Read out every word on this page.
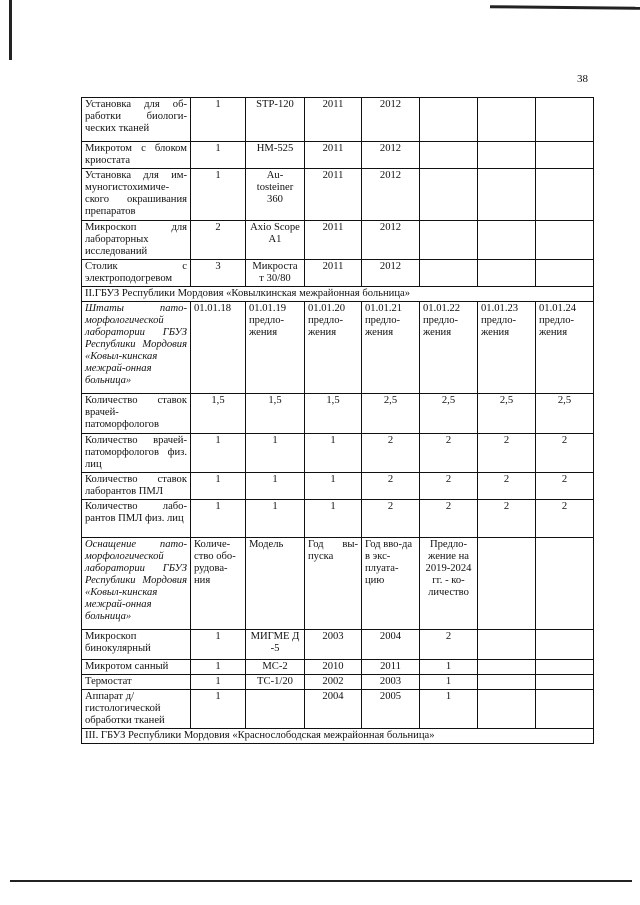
38
Установка для об-работки биологи-ческих тканей	1	STP-120	2011	2012			
Микротом с блоком криостата	1	HM-525	2011	2012			
Установка для им-муногистохимиче-ского окрашивания препаратов	1	Au-tosteiner 360	2011	2012			
Микроскоп для лабораторных исследований	2	Axio Scope A1	2011	2012			
Столик с электроподогревом	3	Микроста т 30/80	2011	2012			
II.ГБУЗ Республики Мордовия «Ковылкинская межрайонная больница»							
Штаты пато-морфологической лаборатории ГБУЗ Республики Мордовия «Ковыл-кинская межрай-онная больница»	01.01.18	01.01.19 предло-жения	01.01.20 предло-жения	01.01.21 предло-жения	01.01.22 предло-жения	01.01.23 предло-жения	01.01.24 предло-жения
Количество ставок врачей-патоморфологов	1,5	1,5	1,5	2,5	2,5	2,5	2,5
Количество врачей-патоморфологов физ. лиц	1	1	1	2	2	2	2
Количество ставок лаборантов ПМЛ	1	1	1	2	2	2	2
Количество лабо-рантов ПМЛ физ. лиц	1	1	1	2	2	2	2
Оснащение пато-морфологической лаборатории ГБУЗ Республики Мордовия «Ковыл-кинская межрай-онная больница»	Количе-ство обо-рудова-ния	Модель	Год вы-пуска	Год вво-да в экс-плуата-цию	Предло-жение на 2019-2024 гг. - ко-личество		
Микроскоп бинокулярный	1	МИГМЕ Д -5	2003	2004	2		
Микротом санный	1	МС-2	2010	2011	1		
Термостат	1	ТС-1/20	2002	2003	1		
Аппарат д/гистологической обработки тканей	1		2004	2005	1		
III. ГБУЗ Республики Мордовия «Краснослободская межрайонная больница»							
